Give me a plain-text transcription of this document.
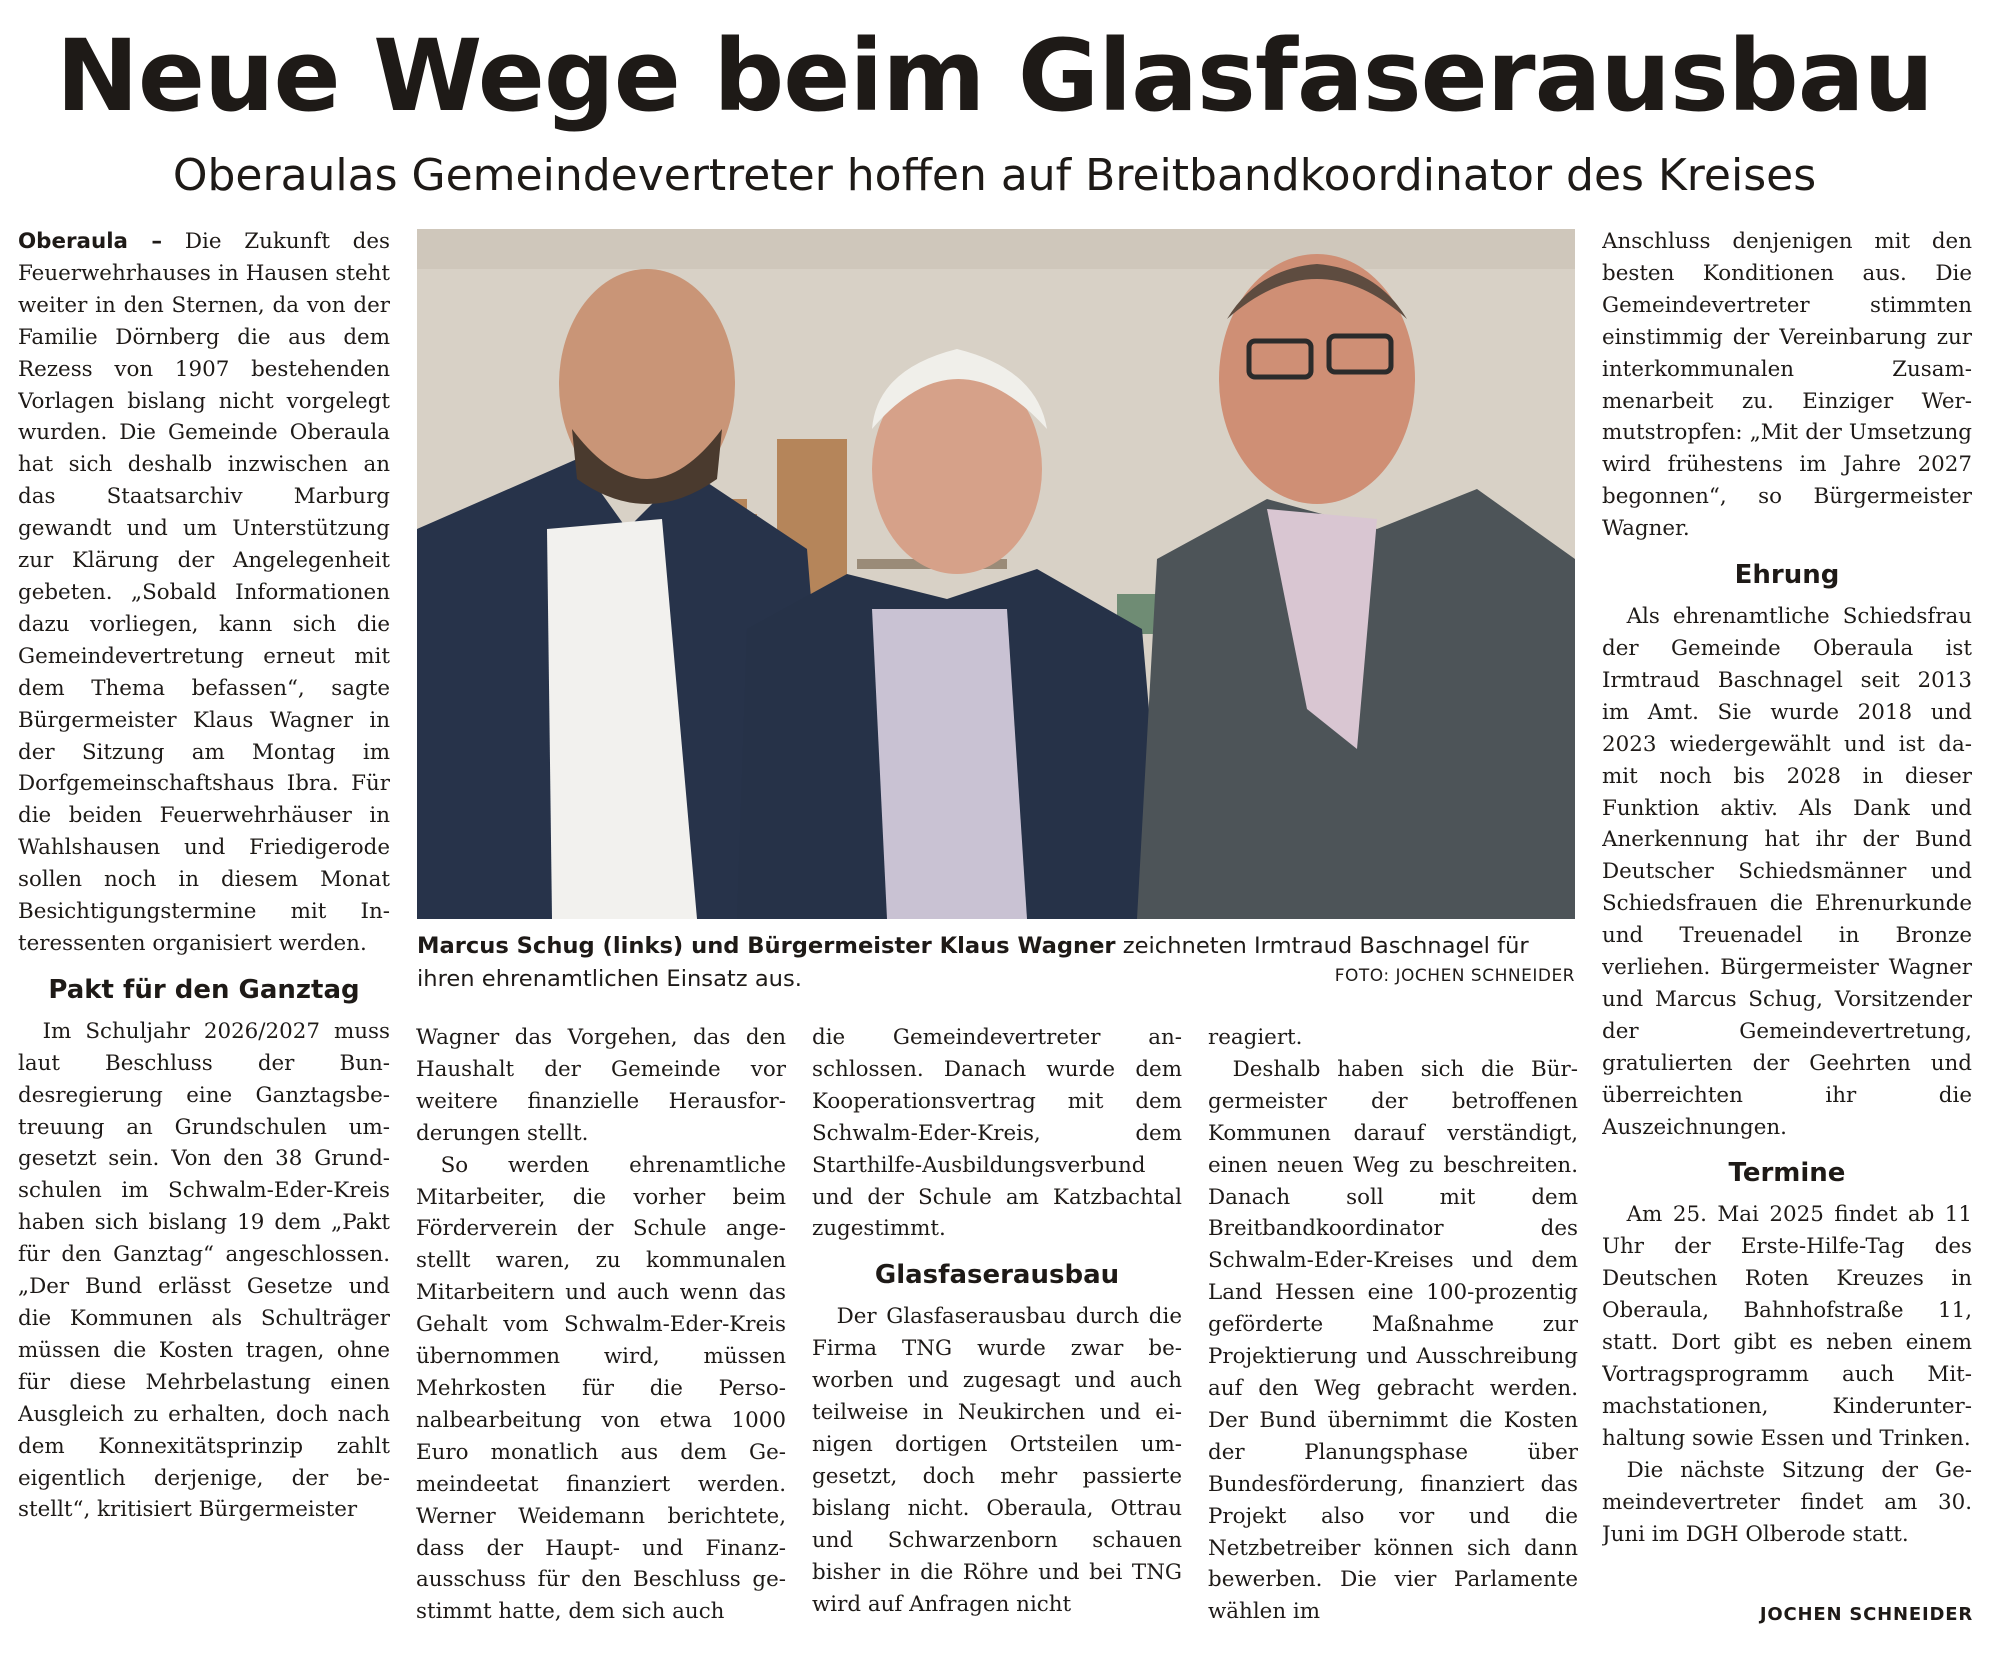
Neue Wege beim Glasfaserausbau
Oberaulas Gemeindevertreter hoffen auf Breitbandkoordinator des Kreises

Oberaula – Die Zukunft des Feuerwehrhauses in Hausen steht weiter in den Sternen, da von der Familie Dörnberg die aus dem Rezess von 1907 bestehenden Vorlagen bislang nicht vorgelegt wurden. Die Gemeinde Oberaula hat sich deshalb inzwischen an das Staatsarchiv Marburg gewandt und um Unterstützung zur Klärung der Angelegenheit gebeten. „Sobald Informationen dazu vorliegen, kann sich die Gemeindevertretung erneut mit dem Thema befassen“, sagte Bürgermeister Klaus Wagner in der Sitzung am Montag im Dorfgemeinschaftshaus Ibra. Für die beiden Feuerwehrhäuser in Wahlshausen und Friedigerode sollen noch in diesem Monat Besichtigungstermine mit Interessenten organisiert werden.

Pakt für den Ganztag

Im Schuljahr 2026/2027 muss laut Beschluss der Bundesregierung eine Ganztagsbetreuung an Grundschulen umgesetzt sein. Von den 38 Grundschulen im Schwalm-Eder-Kreis haben sich bislang 19 dem „Pakt für den Ganztag“ angeschlossen. „Der Bund erlässt Gesetze und die Kommunen als Schulträger müssen die Kosten tragen, ohne für diese Mehrbelastung einen Ausgleich zu erhalten, doch nach dem Konnexitätsprinzip zahlt eigentlich derjenige, der bestellt“, kritisiert Bürgermeister

Marcus Schug (links) und Bürgermeister Klaus Wagner zeichneten Irmtraud Baschnagel für ihren ehrenamtlichen Einsatz aus.	FOTO: JOCHEN SCHNEIDER

Wagner das Vorgehen, das den Haushalt der Gemeinde vor weitere finanzielle Herausforderungen stellt.

So werden ehrenamtliche Mitarbeiter, die vorher beim Förderverein der Schule angestellt waren, zu kommunalen Mitarbeitern und auch wenn das Gehalt vom Schwalm-Eder-Kreis übernommen wird, müssen Mehrkosten für die Personalbearbeitung von etwa 1000 Euro monatlich aus dem Gemeindeetat finanziert werden. Werner Weidemann berichtete, dass der Haupt- und Finanzausschuss für den Beschluss gestimmt hatte, dem sich auch

die Gemeindevertreter anschlossen. Danach wurde dem Kooperationsvertrag mit dem Schwalm-Eder-Kreis, dem Starthilfe-Ausbildungsverbund und der Schule am Katzbachtal zugestimmt.

Glasfaserausbau

Der Glasfaserausbau durch die Firma TNG wurde zwar beworben und zugesagt und auch teilweise in Neukirchen und einigen dortigen Ortsteilen umgesetzt, doch mehr passierte bislang nicht. Oberaula, Ottrau und Schwarzenborn schauen bisher in die Röhre und bei TNG wird auf Anfragen nicht

reagiert.

Deshalb haben sich die Bürgermeister der betroffenen Kommunen darauf verständigt, einen neuen Weg zu beschreiten. Danach soll mit dem Breitbandkoordinator des Schwalm-Eder-Kreises und dem Land Hessen eine 100-prozentig geförderte Maßnahme zur Projektierung und Ausschreibung auf den Weg gebracht werden. Der Bund übernimmt die Kosten der Planungsphase über Bundesförderung, finanziert das Projekt also vor und die Netzbetreiber können sich dann bewerben. Die vier Parlamente wählen im

Anschluss denjenigen mit den besten Konditionen aus. Die Gemeindevertreter stimmten einstimmig der Vereinbarung zur interkommunalen Zusammenarbeit zu. Einziger Wermutstropfen: „Mit der Umsetzung wird frühestens im Jahre 2027 begonnen“, so Bürgermeister Wagner.

Ehrung

Als ehrenamtliche Schiedsfrau der Gemeinde Oberaula ist Irmtraud Baschnagel seit 2013 im Amt. Sie wurde 2018 und 2023 wiedergewählt und ist damit noch bis 2028 in dieser Funktion aktiv. Als Dank und Anerkennung hat ihr der Bund Deutscher Schiedsmänner und Schiedsfrauen die Ehrenurkunde und Treuenadel in Bronze verliehen. Bürgermeister Wagner und Marcus Schug, Vorsitzender der Gemeindevertretung, gratulierten der Geehrten und überreichten ihr die Auszeichnungen.

Termine

Am 25. Mai 2025 findet ab 11 Uhr der Erste-Hilfe-Tag des Deutschen Roten Kreuzes in Oberaula, Bahnhofstraße 11, statt. Dort gibt es neben einem Vortragsprogramm auch Mitmachstationen, Kinderunterhaltung sowie Essen und Trinken.

Die nächste Sitzung der Gemeindevertreter findet am 30. Juni im DGH Olberode statt.

JOCHEN SCHNEIDER
